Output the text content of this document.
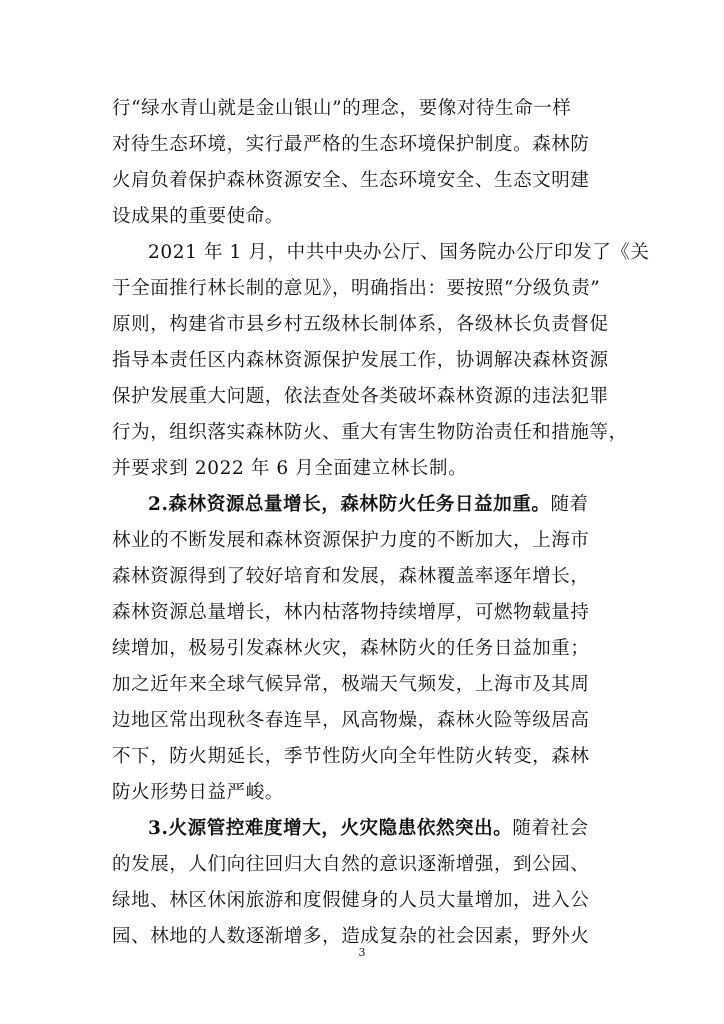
行“绿水青山就是金山银山”的理念，要像对待生命一样
对待生态环境，实行最严格的生态环境保护制度。森林防
火肩负着保护森林资源安全、生态环境安全、生态文明建
设成果的重要使命。
2021 年 1 月，中共中央办公厅、国务院办公厅印发了《关
于全面推行林长制的意见》，明确指出：要按照“分级负责”
原则，构建省市县乡村五级林长制体系，各级林长负责督促
指导本责任区内森林资源保护发展工作，协调解决森林资源
保护发展重大问题，依法查处各类破坏森林资源的违法犯罪
行为，组织落实森林防火、重大有害生物防治责任和措施等，
并要求到 2022 年 6 月全面建立林长制。
2.森林资源总量增长，森林防火任务日益加重。随着
林业的不断发展和森林资源保护力度的不断加大，上海市
森林资源得到了较好培育和发展，森林覆盖率逐年增长，
森林资源总量增长，林内枯落物持续增厚，可燃物载量持
续增加，极易引发森林火灾，森林防火的任务日益加重；
加之近年来全球气候异常，极端天气频发，上海市及其周
边地区常出现秋冬春连旱，风高物燥，森林火险等级居高
不下，防火期延长，季节性防火向全年性防火转变，森林
防火形势日益严峻。
3.火源管控难度增大，火灾隐患依然突出。随着社会
的发展，人们向往回归大自然的意识逐渐增强，到公园、
绿地、林区休闲旅游和度假健身的人员大量增加，进入公
园、林地的人数逐渐增多，造成复杂的社会因素，野外火
3
